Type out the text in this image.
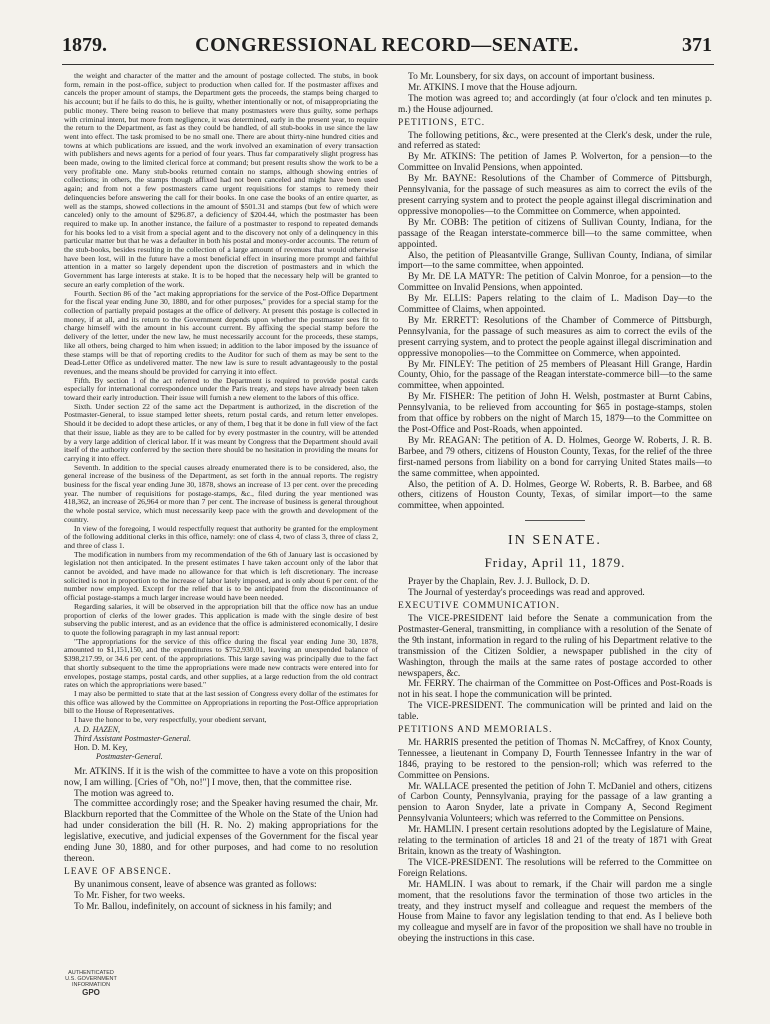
1879.	CONGRESSIONAL RECORD—SENATE.	371

the weight and character of the matter and the amount of postage collected. The stubs, in book form, remain in the post-office, subject to production when called for. If the postmaster affixes and cancels the proper amount of stamps, the Department gets the proceeds, the stamps being charged to his account; but if he fails to do this, he is guilty, whether intentionally or not, of misappropriating the public money. There being reason to believe that many postmasters were thus guilty, some perhaps with criminal intent, but more from negligence, it was determined, early in the present year, to require the return to the Department, as fast as they could be handled, of all stub-books in use since the law went into effect. The task promised to be no small one. There are about thirty-nine hundred cities and towns at which publications are issued, and the work involved an examination of every transaction with publishers and news agents for a period of four years. Thus far comparatively slight progress has been made, owing to the limited clerical force at command; but present results show the work to be a very profitable one. Many stub-books returned contain no stamps, although showing entries of collections; in others, the stamps though affixed had not been canceled and might have been used again; and from not a few postmasters came urgent requisitions for stamps to remedy their delinquencies before answering the call for their books. In one case the books of an entire quarter, as well as the stamps, showed collections in the amount of $501.31 and stamps (but few of which were canceled) only to the amount of $296.87, a deficiency of $204.44, which the postmaster has been required to make up. In another instance, the failure of a postmaster to respond to repeated demands for his books led to a visit from a special agent and to the discovery not only of a delinquency in this particular matter but that he was a defaulter in both his postal and money-order accounts. The return of the stub-books, besides resulting in the collection of a large amount of revenues that would otherwise have been lost, will in the future have a most beneficial effect in insuring more prompt and faithful attention in a matter so largely dependent upon the discretion of postmasters and in which the Government has large interests at stake. It is to be hoped that the necessary help will be granted to secure an early completion of the work.

Fourth. Section 86 of the "act making appropriations for the service of the Post-Office Department for the fiscal year ending June 30, 1880, and for other purposes," provides for a special stamp for the collection of partially prepaid postages at the office of delivery. At present this postage is collected in money, if at all, and its return to the Government depends upon whether the postmaster sees fit to charge himself with the amount in his account current. By affixing the special stamp before the delivery of the letter, under the new law, he must necessarily account for the proceeds, these stamps, like all others, being charged to him when issued; in addition to the labor imposed by the issuance of these stamps will be that of reporting credits to the Auditor for such of them as may be sent to the Dead-Letter Office as undelivered matter. The new law is sure to result advantageously to the postal revenues, and the means should be provided for carrying it into effect.

Fifth. By section 1 of the act referred to the Department is required to provide postal cards especially for international correspondence under the Paris treaty, and steps have already been taken toward their early introduction. Their issue will furnish a new element to the labors of this office.

Sixth. Under section 22 of the same act the Department is authorized, in the discretion of the Postmaster-General, to issue stamped letter sheets, return postal cards, and return letter envelopes. Should it be decided to adopt these articles, or any of them, I beg that it be done in full view of the fact that their issue, liable as they are to be called for by every postmaster in the country, will be attended by a very large addition of clerical labor. If it was meant by Congress that the Department should avail itself of the authority conferred by the section there should be no hesitation in providing the means for carrying it into effect.

Seventh. In addition to the special causes already enumerated there is to be considered, also, the general increase of the business of the Department, as set forth in the annual reports. The registry business for the fiscal year ending June 30, 1878, shows an increase of 13 per cent. over the preceding year. The number of requisitions for postage-stamps, &c., filed during the year mentioned was 418,362, an increase of 26,964 or more than 7 per cent. The increase of business is general throughout the whole postal service, which must necessarily keep pace with the growth and development of the country.

In view of the foregoing, I would respectfully request that authority be granted for the employment of the following additional clerks in this office, namely: one of class 4, two of class 3, three of class 2, and three of class 1.

The modification in numbers from my recommendation of the 6th of January last is occasioned by legislation not then anticipated. In the present estimates I have taken account only of the labor that cannot be avoided, and have made no allowance for that which is left discretionary. The increase solicited is not in proportion to the increase of labor lately imposed, and is only about 6 per cent. of the number now employed. Except for the relief that is to be anticipated from the discontinuance of official postage-stamps a much larger increase would have been needed.

Regarding salaries, it will be observed in the appropriation bill that the office now has an undue proportion of clerks of the lower grades. This application is made with the single desire of best subserving the public interest, and as an evidence that the office is administered economically, I desire to quote the following paragraph in my last annual report:

"The appropriations for the service of this office during the fiscal year ending June 30, 1878, amounted to $1,151,150, and the expenditures to $752,930.01, leaving an unexpended balance of $398,217.99, or 34.6 per cent. of the appropriations. This large saving was principally due to the fact that shortly subsequent to the time the appropriations were made new contracts were entered into for envelopes, postage stamps, postal cards, and other supplies, at a large reduction from the old contract rates on which the appropriations were based."

I may also be permitted to state that at the last session of Congress every dollar of the estimates for this office was allowed by the Committee on Appropriations in reporting the Post-Office appropriation bill to the House of Representatives.

I have the honor to be, very respectfully, your obedient servant,

A. D. HAZEN,

Third Assistant Postmaster-General.

Hon. D. M. Key,

Postmaster-General.

Mr. ATKINS. If it is the wish of the committee to have a vote on this proposition now, I am willing. [Cries of "Oh, no!"] I move, then, that the committee rise.

The motion was agreed to.

The committee accordingly rose; and the Speaker having resumed the chair, Mr. Blackburn reported that the Committee of the Whole on the State of the Union had had under consideration the bill (H. R. No. 2) making appropriations for the legislative, executive, and judicial expenses of the Government for the fiscal year ending June 30, 1880, and for other purposes, and had come to no resolution thereon.

LEAVE OF ABSENCE.

By unanimous consent, leave of absence was granted as follows:

To Mr. Fisher, for two weeks.

To Mr. Ballou, indefinitely, on account of sickness in his family; and

To Mr. Lounsbery, for six days, on account of important business.

Mr. ATKINS. I move that the House adjourn.

The motion was agreed to; and accordingly (at four o'clock and ten minutes p. m.) the House adjourned.

PETITIONS, ETC.

The following petitions, &c., were presented at the Clerk's desk, under the rule, and referred as stated:

By Mr. ATKINS: The petition of James P. Wolverton, for a pension—to the Committee on Invalid Pensions, when appointed.

By Mr. BAYNE: Resolutions of the Chamber of Commerce of Pittsburgh, Pennsylvania, for the passage of such measures as aim to correct the evils of the present carrying system and to protect the people against illegal discrimination and oppressive monopolies—to the Committee on Commerce, when appointed.

By Mr. COBB: The petition of citizens of Sullivan County, Indiana, for the passage of the Reagan interstate-commerce bill—to the same committee, when appointed.

Also, the petition of Pleasantville Grange, Sullivan County, Indiana, of similar import—to the same committee, when appointed.

By Mr. DE LA MATYR: The petition of Calvin Monroe, for a pension—to the Committee on Invalid Pensions, when appointed.

By Mr. ELLIS: Papers relating to the claim of L. Madison Day—to the Committee of Claims, when appointed.

By Mr. ERRETT: Resolutions of the Chamber of Commerce of Pittsburgh, Pennsylvania, for the passage of such measures as aim to correct the evils of the present carrying system, and to protect the people against illegal discrimination and oppressive monopolies—to the Committee on Commerce, when appointed.

By Mr. FINLEY: The petition of 25 members of Pleasant Hill Grange, Hardin County, Ohio, for the passage of the Reagan interstate-commerce bill—to the same committee, when appointed.

By Mr. FISHER: The petition of John H. Welsh, postmaster at Burnt Cabins, Pennsylvania, to be relieved from accounting for $65 in postage-stamps, stolen from that office by robbers on the night of March 15, 1879—to the Committee on the Post-Office and Post-Roads, when appointed.

By Mr. REAGAN: The petition of A. D. Holmes, George W. Roberts, J. R. B. Barbee, and 79 others, citizens of Houston County, Texas, for the relief of the three first-named persons from liability on a bond for carrying United States mails—to the same committee, when appointed.

Also, the petition of A. D. Holmes, George W. Roberts, R. B. Barbee, and 68 others, citizens of Houston County, Texas, of similar import—to the same committee, when appointed.

IN SENATE.
Friday, April 11, 1879.

Prayer by the Chaplain, Rev. J. J. Bullock, D. D.

The Journal of yesterday's proceedings was read and approved.

EXECUTIVE COMMUNICATION.

The VICE-PRESIDENT laid before the Senate a communication from the Postmaster-General, transmitting, in compliance with a resolution of the Senate of the 9th instant, information in regard to the ruling of his Department relative to the transmission of the Citizen Soldier, a newspaper published in the city of Washington, through the mails at the same rates of postage accorded to other newspapers, &c.

Mr. FERRY. The chairman of the Committee on Post-Offices and Post-Roads is not in his seat. I hope the communication will be printed.

The VICE-PRESIDENT. The communication will be printed and laid on the table.

PETITIONS AND MEMORIALS.

Mr. HARRIS presented the petition of Thomas N. McCaffrey, of Knox County, Tennessee, a lieutenant in Company D, Fourth Tennessee Infantry in the war of 1846, praying to be restored to the pension-roll; which was referred to the Committee on Pensions.

Mr. WALLACE presented the petition of John T. McDaniel and others, citizens of Carbon County, Pennsylvania, praying for the passage of a law granting a pension to Aaron Snyder, late a private in Company A, Second Regiment Pennsylvania Volunteers; which was referred to the Committee on Pensions.

Mr. HAMLIN. I present certain resolutions adopted by the Legislature of Maine, relating to the termination of articles 18 and 21 of the treaty of 1871 with Great Britain, known as the treaty of Washington.

The VICE-PRESIDENT. The resolutions will be referred to the Committee on Foreign Relations.

Mr. HAMLIN. I was about to remark, if the Chair will pardon me a single moment, that the resolutions favor the termination of those two articles in the treaty, and they instruct myself and colleague and request the members of the House from Maine to favor any legislation tending to that end. As I believe both my colleague and myself are in favor of the proposition we shall have no trouble in obeying the instructions in this case.

AUTHENTICATED
U.S. GOVERNMENT
INFORMATION
GPO
